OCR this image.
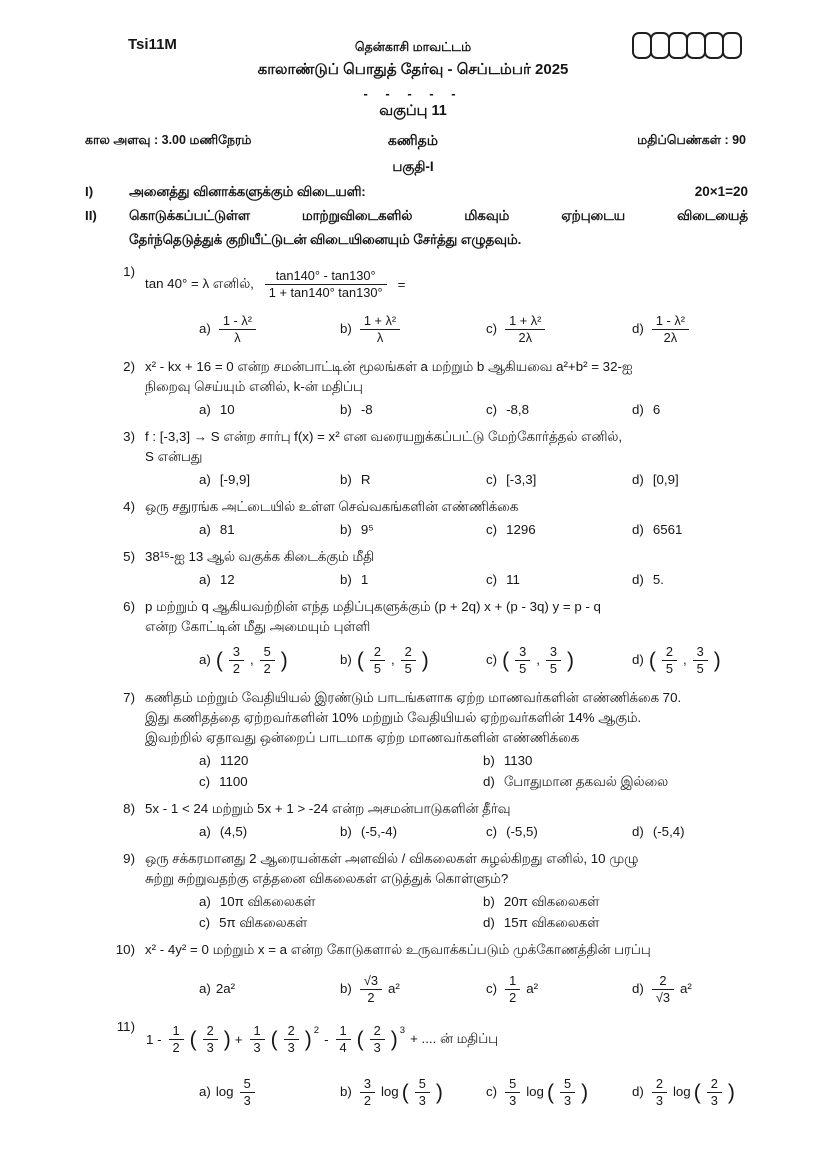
Tsi11M	தென்காசி மாவட்டம்
காலாண்டுப் பொதுத் தேர்வு - செப்டம்பர் 2025
- - - - -
வகுப்பு 11
கால அளவு : 3.00 மணிநேரம்	கணிதம்	மதிப்பெண்கள் : 90
பகுதி-I
I)	அனைத்து வினாக்களுக்கும் விடையளி:	20×1=20
II)	கொடுக்கப்பட்டுள்ள மாற்றுவிடைகளில் மிகவும் ஏற்புடைய விடையைத்
தேர்ந்தெடுத்துக் குறியீட்டுடன் விடையினையும் சேர்த்து எழுதவும்.
1)
tan 40° = λ எனில், $\frac{\tan 140^\circ - \tan 130^\circ}{1 + \tan 140^\circ \tan 130^\circ}$ =
$a) \frac{\text{1 - λ²}}{\lambda}$	$b) \frac{\text{1 + λ²}}{\lambda}$	$c) \frac{\text{1 + λ²}}{2\lambda}$	$d) \frac{\text{1 - λ²}}{2\lambda}$
2) x² - kx + 16 = 0 என்ற சமன்பாட்டின் மூலங்கள் a மற்றும் b ஆகியவை a²+b² = 32-ஐ
நிறைவு செய்யும் எனில், k-ன் மதிப்பு
a) 10	b) -8	c) -8,8	d) 6
3) f : [-3,3] → S என்ற சார்பு f(x) = x² என வரையறுக்கப்பட்டு மேற்கோர்த்தல் எனில்,
S என்பது
a) [-9,9]	b) R	c) [-3,3]	d) [0,9]
4) ஒரு சதுரங்க அட்டையில் உள்ள செவ்வகங்களின் எண்ணிக்கை
a) 81	b) 9⁵	c) 1296	d) 6561
5) 38¹⁵-ஐ 13 ஆல் வகுக்க கிடைக்கும் மீதி
a) 12	b) 1	c) 11	d) 5.
6) p மற்றும் q ஆகியவற்றின் எந்த மதிப்புகளுக்கும் (p + 2q) x + (p - 3q) y = p - q
என்ற கோட்டின் மீது அமையும் புள்ளி
a) ( $\frac{3}{2}$ , $\frac{5}{2}$ )	b) ( $\frac{2}{5}$ , $\frac{2}{5}$ )	c) ( $\frac{3}{5}$ , $\frac{3}{5}$ )	d) ( $\frac{2}{5}$ , $\frac{3}{5}$ )
7) கணிதம் மற்றும் வேதியியல் இரண்டும் பாடங்களாக ஏற்ற மாணவர்களின் எண்ணிக்கை 70.
இது கணிதத்தை ஏற்றவர்களின் 10% மற்றும் வேதியியல் ஏற்றவர்களின் 14% ஆகும்.
இவற்றில் ஏதாவது ஒன்றைப் பாடமாக ஏற்ற மாணவர்களின் எண்ணிக்கை
a) 1120	b) 1130
c) 1100	d) போதுமான தகவல் இல்லை
8) 5x - 1 < 24 மற்றும் 5x + 1 > -24 என்ற அசமன்பாடுகளின் தீர்வு
a) (4,5)	b) (-5,-4)	c) (-5,5)	d) (-5,4)
9) ஒரு சக்கரமானது 2 ஆரையன்கள் அளவில் / விகலைகள் சுழல்கிறது எனில், 10 முழு
சுற்று சுற்றுவதற்கு எத்தனை விகலைகள் எடுத்துக் கொள்ளும்?
a) 10π விகலைகள்	b) 20π விகலைகள்
c) 5π விகலைகள்	d) 15π விகலைகள்
10) x² - 4y² = 0 மற்றும் x = a என்ற கோடுகளால் உருவாக்கப்படும் முக்கோணத்தின் பரப்பு
a) 2a²	$b) \frac{√3}{2} a^2$	$c) \frac{1}{2} a^2$	$d) \frac{2}{√3} a^2$
11)
$1 - \frac{1}{2}$ ( $\frac{2}{3}$ ) + $\frac{1}{3}$ ( $\frac{2}{3} )^2$
- $\frac{1}{4}$ ( $\frac{2}{3} )^3$
+ .... ன் மதிப்பு
a) $\log \frac{5}{3}$	$b) \frac{3}{2}$ log ( $\frac{5}{3}$ )	$c) \frac{5}{3}$ log ( $\frac{5}{3}$ )	$d) \frac{2}{3}$ log ( $\frac{2}{3}$ )
